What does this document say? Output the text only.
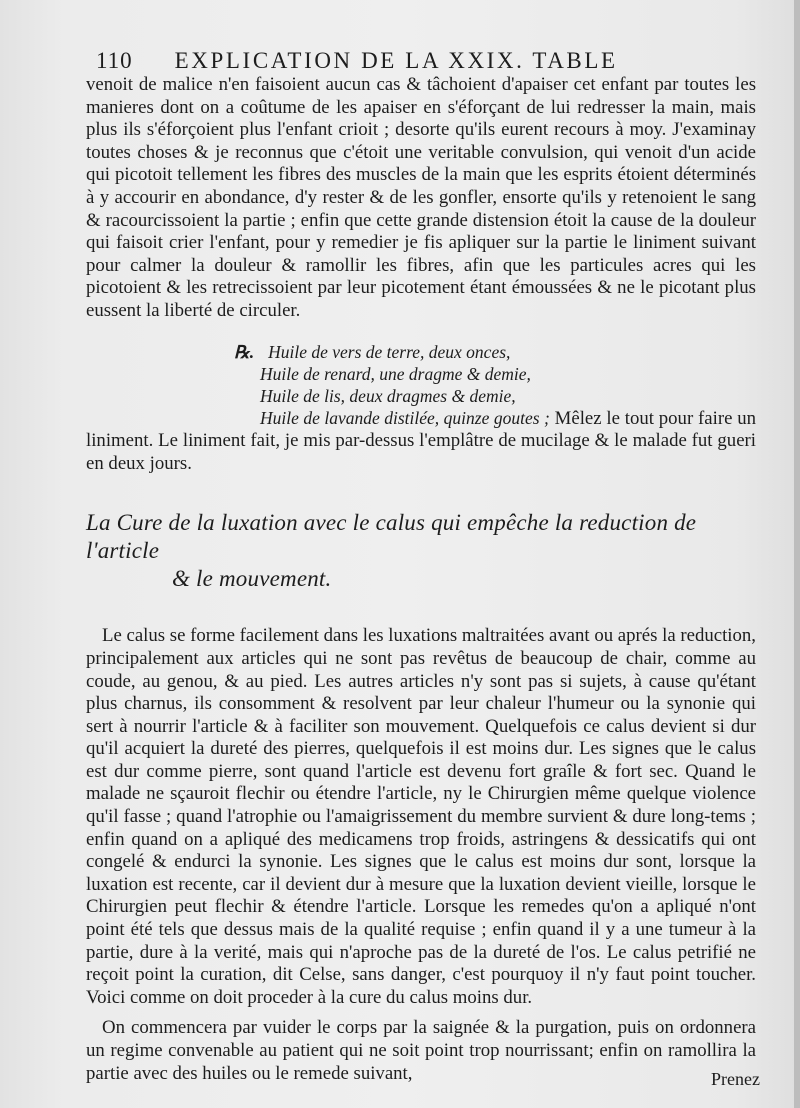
110 EXPLICATION DE LA XXIX. TABLE

venoit de malice n'en faisoient aucun cas & tâchoient d'apaiser cet enfant par toutes les manieres dont on a coûtume de les apaiser en s'éforçant de lui redresser la main, mais plus ils s'éforçoient plus l'enfant crioit ; desorte qu'ils eurent recours à moy. J'examinay toutes choses & je reconnus que c'étoit une veritable convulsion, qui venoit d'un acide qui picotoit tellement les fibres des muscles de la main que les esprits étoient déterminés à y accourir en abondance, d'y rester & de les gonfler, ensorte qu'ils y retenoient le sang & racourcissoient la partie ; enfin que cette grande distension étoit la cause de la douleur qui faisoit crier l'enfant, pour y remedier je fis apliquer sur la partie le liniment suivant pour calmer la douleur & ramollir les fibres, afin que les particules acres qui les picotoient & les retrecissoient par leur picotement étant émoussées & ne le picotant plus eussent la liberté de circuler.

℞. Huile de vers de terre, deux onces,
Huile de renard, une dragme & demie,
Huile de lis, deux dragmes & demie,

Huile de lavande distilée, quinze goutes ; Mêlez le tout pour faire un liniment. Le liniment fait, je mis par-dessus l'emplâtre de mucilage & le malade fut gueri en deux jours.

La Cure de la luxation avec le calus qui empêche la reduction de l'article
& le mouvement.

Le calus se forme facilement dans les luxations maltraitées avant ou aprés la reduction, principalement aux articles qui ne sont pas revêtus de beaucoup de chair, comme au coude, au genou, & au pied. Les autres articles n'y sont pas si sujets, à cause qu'étant plus charnus, ils consomment & resolvent par leur chaleur l'humeur ou la synonie qui sert à nourrir l'article & à faciliter son mouvement. Quelquefois ce calus devient si dur qu'il acquiert la dureté des pierres, quelquefois il est moins dur. Les signes que le calus est dur comme pierre, sont quand l'article est devenu fort graîle & fort sec. Quand le malade ne sçauroit flechir ou étendre l'article, ny le Chirurgien même quelque violence qu'il fasse ; quand l'atrophie ou l'amaigrissement du membre survient & dure long-tems ; enfin quand on a apliqué des medicamens trop froids, astringens & dessicatifs qui ont congelé & endurci la synonie. Les signes que le calus est moins dur sont, lorsque la luxation est recente, car il devient dur à mesure que la luxation devient vieille, lorsque le Chirurgien peut flechir & étendre l'article. Lorsque les remedes qu'on a apliqué n'ont point été tels que dessus mais de la qualité requise ; enfin quand il y a une tumeur à la partie, dure à la verité, mais qui n'aproche pas de la dureté de l'os. Le calus petrifié ne reçoit point la curation, dit Celse, sans danger, c'est pourquoy il n'y faut point toucher. Voici comme on doit proceder à la cure du calus moins dur.

On commencera par vuider le corps par la saignée & la purgation, puis on ordonnera un regime convenable au patient qui ne soit point trop nourrissant; enfin on ramollira la partie avec des huiles ou le remede suivant,	Prenez
